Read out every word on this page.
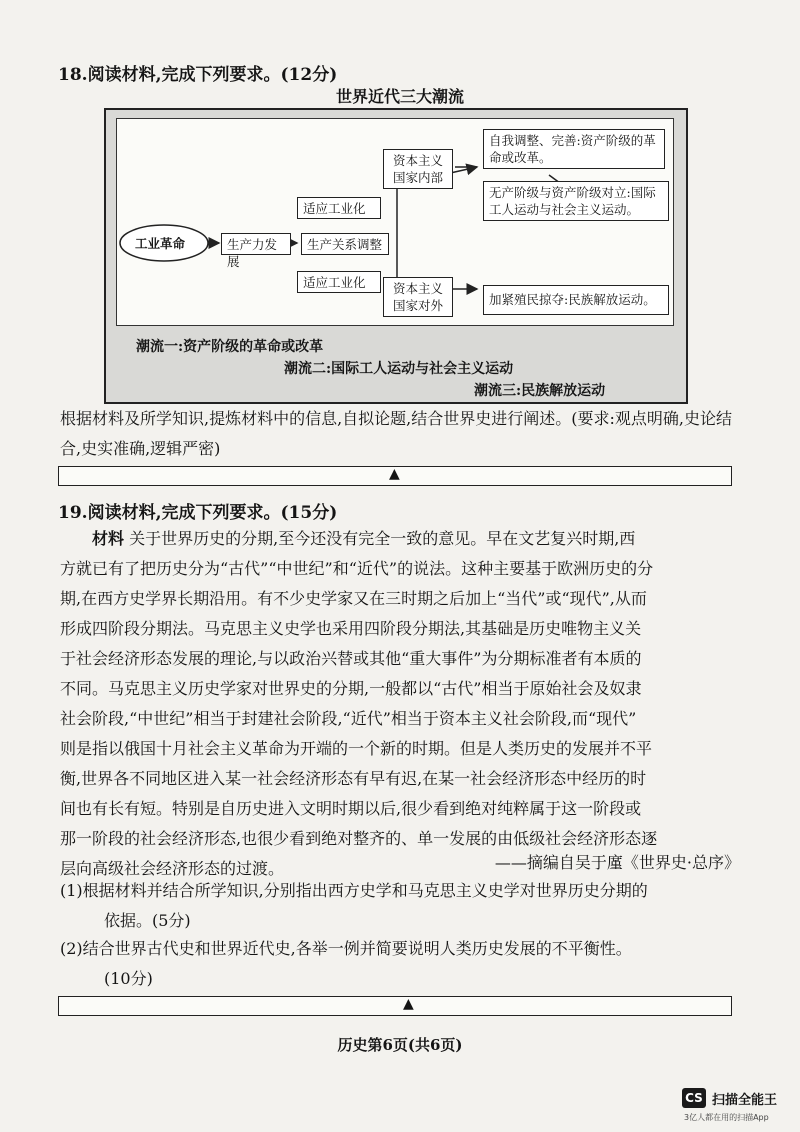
18.阅读材料,完成下列要求。(12分)
世界近代三大潮流
工业革命	生产力发展
生产关系调整
适应工业化
适应工业化
资本主义国家内部
资本主义国家对外
自我调整、完善:资产阶级的革命或改革。
无产阶级与资产阶级对立:国际工人运动与社会主义运动。
加紧殖民掠夺:民族解放运动。
潮流一:资产阶级的革命或改革
潮流二:国际工人运动与社会主义运动
潮流三:民族解放运动
根据材料及所学知识,提炼材料中的信息,自拟论题,结合世界史进行阐述。(要求:观点明确,史论结合,史实准确,逻辑严密)
▲
19.阅读材料,完成下列要求。(15分)
材料 关于世界历史的分期,至今还没有完全一致的意见。早在文艺复兴时期,西
方就已有了把历史分为“古代”“中世纪”和“近代”的说法。这种主要基于欧洲历史的分
期,在西方史学界长期沿用。有不少史学家又在三时期之后加上“当代”或“现代”,从而
形成四阶段分期法。马克思主义史学也采用四阶段分期法,其基础是历史唯物主义关
于社会经济形态发展的理论,与以政治兴替或其他“重大事件”为分期标准者有本质的
不同。马克思主义历史学家对世界史的分期,一般都以“古代”相当于原始社会及奴隶
社会阶段,“中世纪”相当于封建社会阶段,“近代”相当于资本主义社会阶段,而“现代”
则是指以俄国十月社会主义革命为开端的一个新的时期。但是人类历史的发展并不平
衡,世界各不同地区进入某一社会经济形态有早有迟,在某一社会经济形态中经历的时
间也有长有短。特别是自历史进入文明时期以后,很少看到绝对纯粹属于这一阶段或
那一阶段的社会经济形态,也很少看到绝对整齐的、单一发展的由低级社会经济形态逐
层向高级社会经济形态的过渡。	——摘编自吴于廑《世界史·总序》
(1)根据材料并结合所学知识,分别指出西方史学和马克思主义史学对世界历史分期的
依据。(5分)
(2)结合世界古代史和世界近代史,各举一例并简要说明人类历史发展的不平衡性。
(10分)
▲
历史第6页(共6页)
CS 扫描全能王
3亿人都在用的扫描App
